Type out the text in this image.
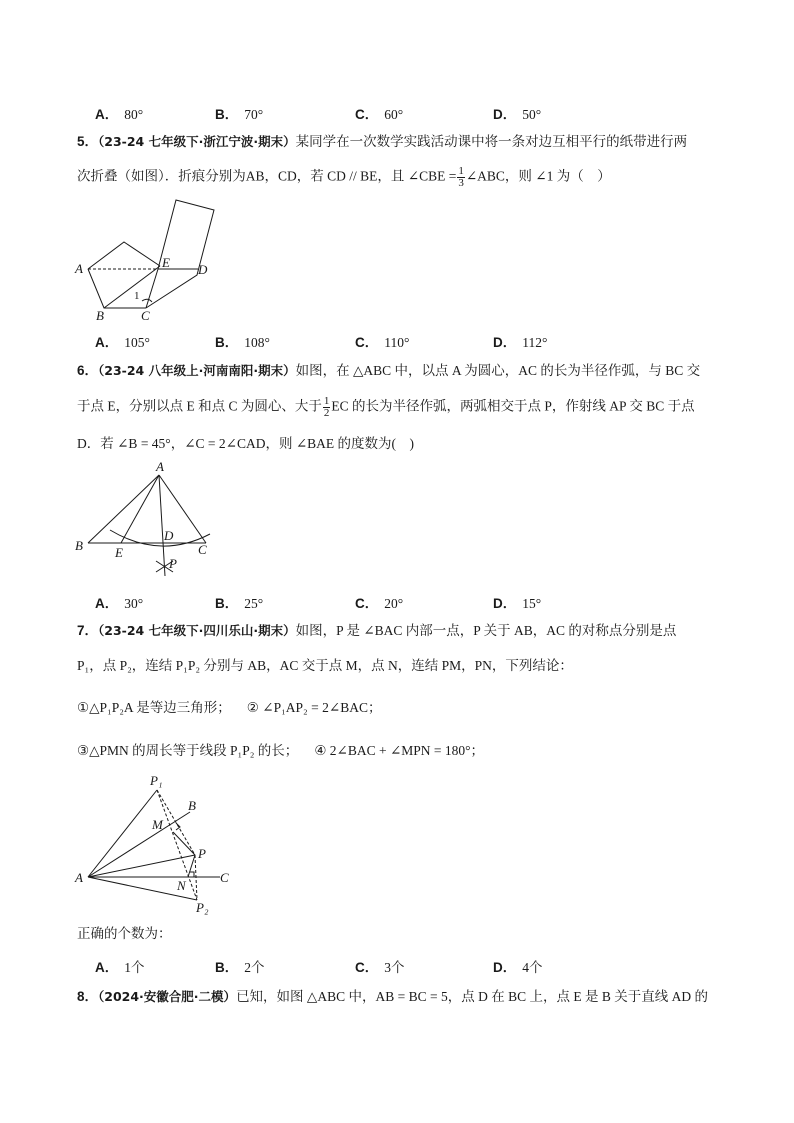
A． 80°	B． 70°	C． 60°	D． 50°
5．（23-24 七年级下·浙江宁波·期末）某同学在一次数学实践活动课中将一条对边互相平行的纸带进行两
次折叠（如图）．折痕分别为AB，CD，若 CD // BE，且 ∠CBE = $\frac{1}{3}$ ∠ABC，则 ∠1 为（　）
A	E D
B	C
1
A． 105°	B． 108°	C． 110°	D． 112°
6．（23-24 八年级上·河南南阳·期末）如图，在 △ABC 中，以点 A 为圆心，AC 的长为半径作弧，与 BC 交
于点 E，分别以点 E 和点 C 为圆心、大于 $\frac{1}{2}$ EC 的长为半径作弧，两弧相交于点 P，作射线 AP 交 BC 于点
D．若 ∠B = 45°，∠C = 2∠CAD，则 ∠BAE 的度数为(　)
A
B E
D
C
P
A． 30°	B． 25°	C． 20°	D． 15°
7．（23-24 七年级下·四川乐山·期末）如图，P 是 ∠BAC 内部一点，P 关于 AB，AC 的对称点分别是点
P₁，点 P₂，连结 P₁P₂ 分别与 AB，AC 交于点 M，点 N，连结 PM，PN，下列结论：
①△P₁P₂A 是等边三角形； ② ∠P₁AP₂ = 2∠BAC；
③△PMN 的周长等于线段 P₁P₂ 的长； ④ 2∠BAC + ∠MPN = 180°；
P₁
B
M
P
A
N
C
P₂
正确的个数为：
A． 1个	B． 2个	C． 3个	D． 4个
8．（2024·安徽合肥·二模）已知，如图 △ABC 中，AB = BC = 5，点 D 在 BC 上，点 E 是 B 关于直线 AD 的
